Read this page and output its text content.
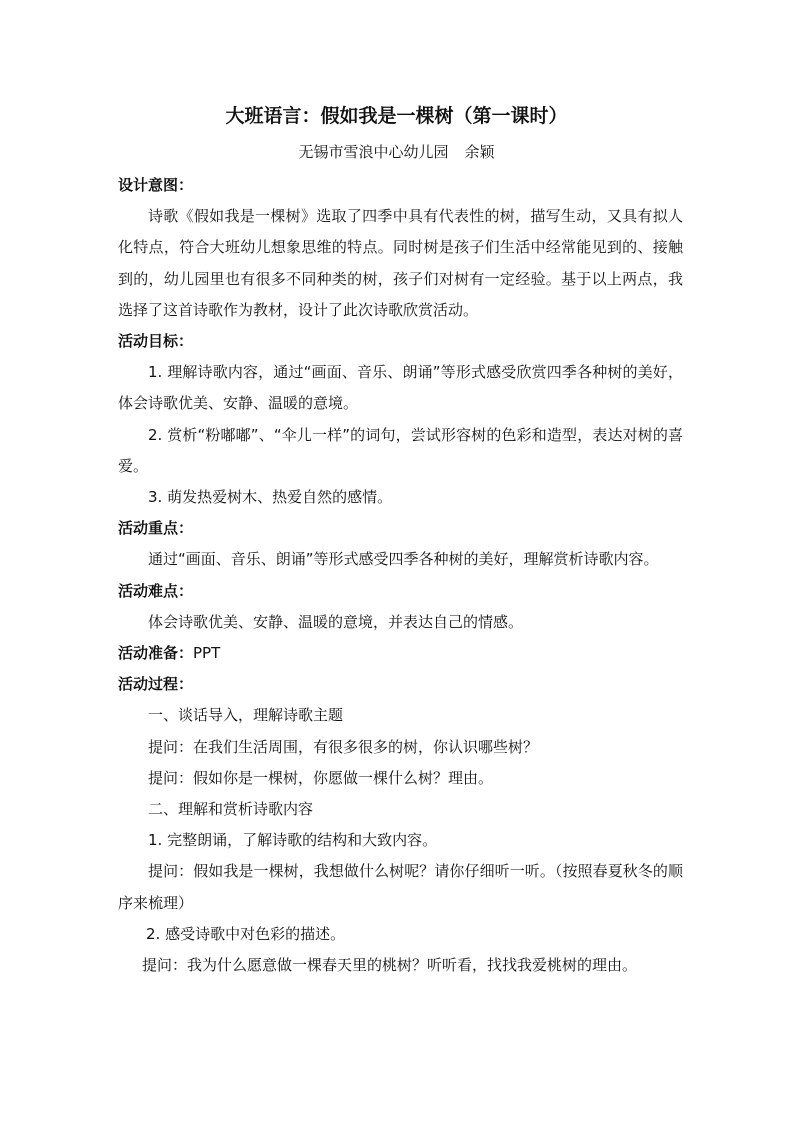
大班语言：假如我是一棵树（第一课时）
无锡市雪浪中心幼儿园 余颖
设计意图：
诗歌《假如我是一棵树》选取了四季中具有代表性的树，描写生动，又具有拟人化特点，符合大班幼儿想象思维的特点。同时树是孩子们生活中经常能见到的、接触到的，幼儿园里也有很多不同种类的树，孩子们对树有一定经验。基于以上两点，我选择了这首诗歌作为教材，设计了此次诗歌欣赏活动。
活动目标：
1. 理解诗歌内容，通过“画面、音乐、朗诵”等形式感受欣赏四季各种树的美好，体会诗歌优美、安静、温暖的意境。
2. 赏析“粉嘟嘟”、“伞儿一样”的词句，尝试形容树的色彩和造型，表达对树的喜爱。
3. 萌发热爱树木、热爱自然的感情。
活动重点：
通过“画面、音乐、朗诵”等形式感受四季各种树的美好，理解赏析诗歌内容。
活动难点：
体会诗歌优美、安静、温暖的意境，并表达自己的情感。
活动准备：PPT
活动过程：
一、谈话导入，理解诗歌主题
提问：在我们生活周围，有很多很多的树，你认识哪些树？
提问：假如你是一棵树，你愿做一棵什么树？理由。
二、理解和赏析诗歌内容
1. 完整朗诵，了解诗歌的结构和大致内容。
提问：假如我是一棵树，我想做什么树呢？请你仔细听一听。（按照春夏秋冬的顺序来梳理）
2. 感受诗歌中对色彩的描述。
提问：我为什么愿意做一棵春天里的桃树？听听看，找找我爱桃树的理由。
